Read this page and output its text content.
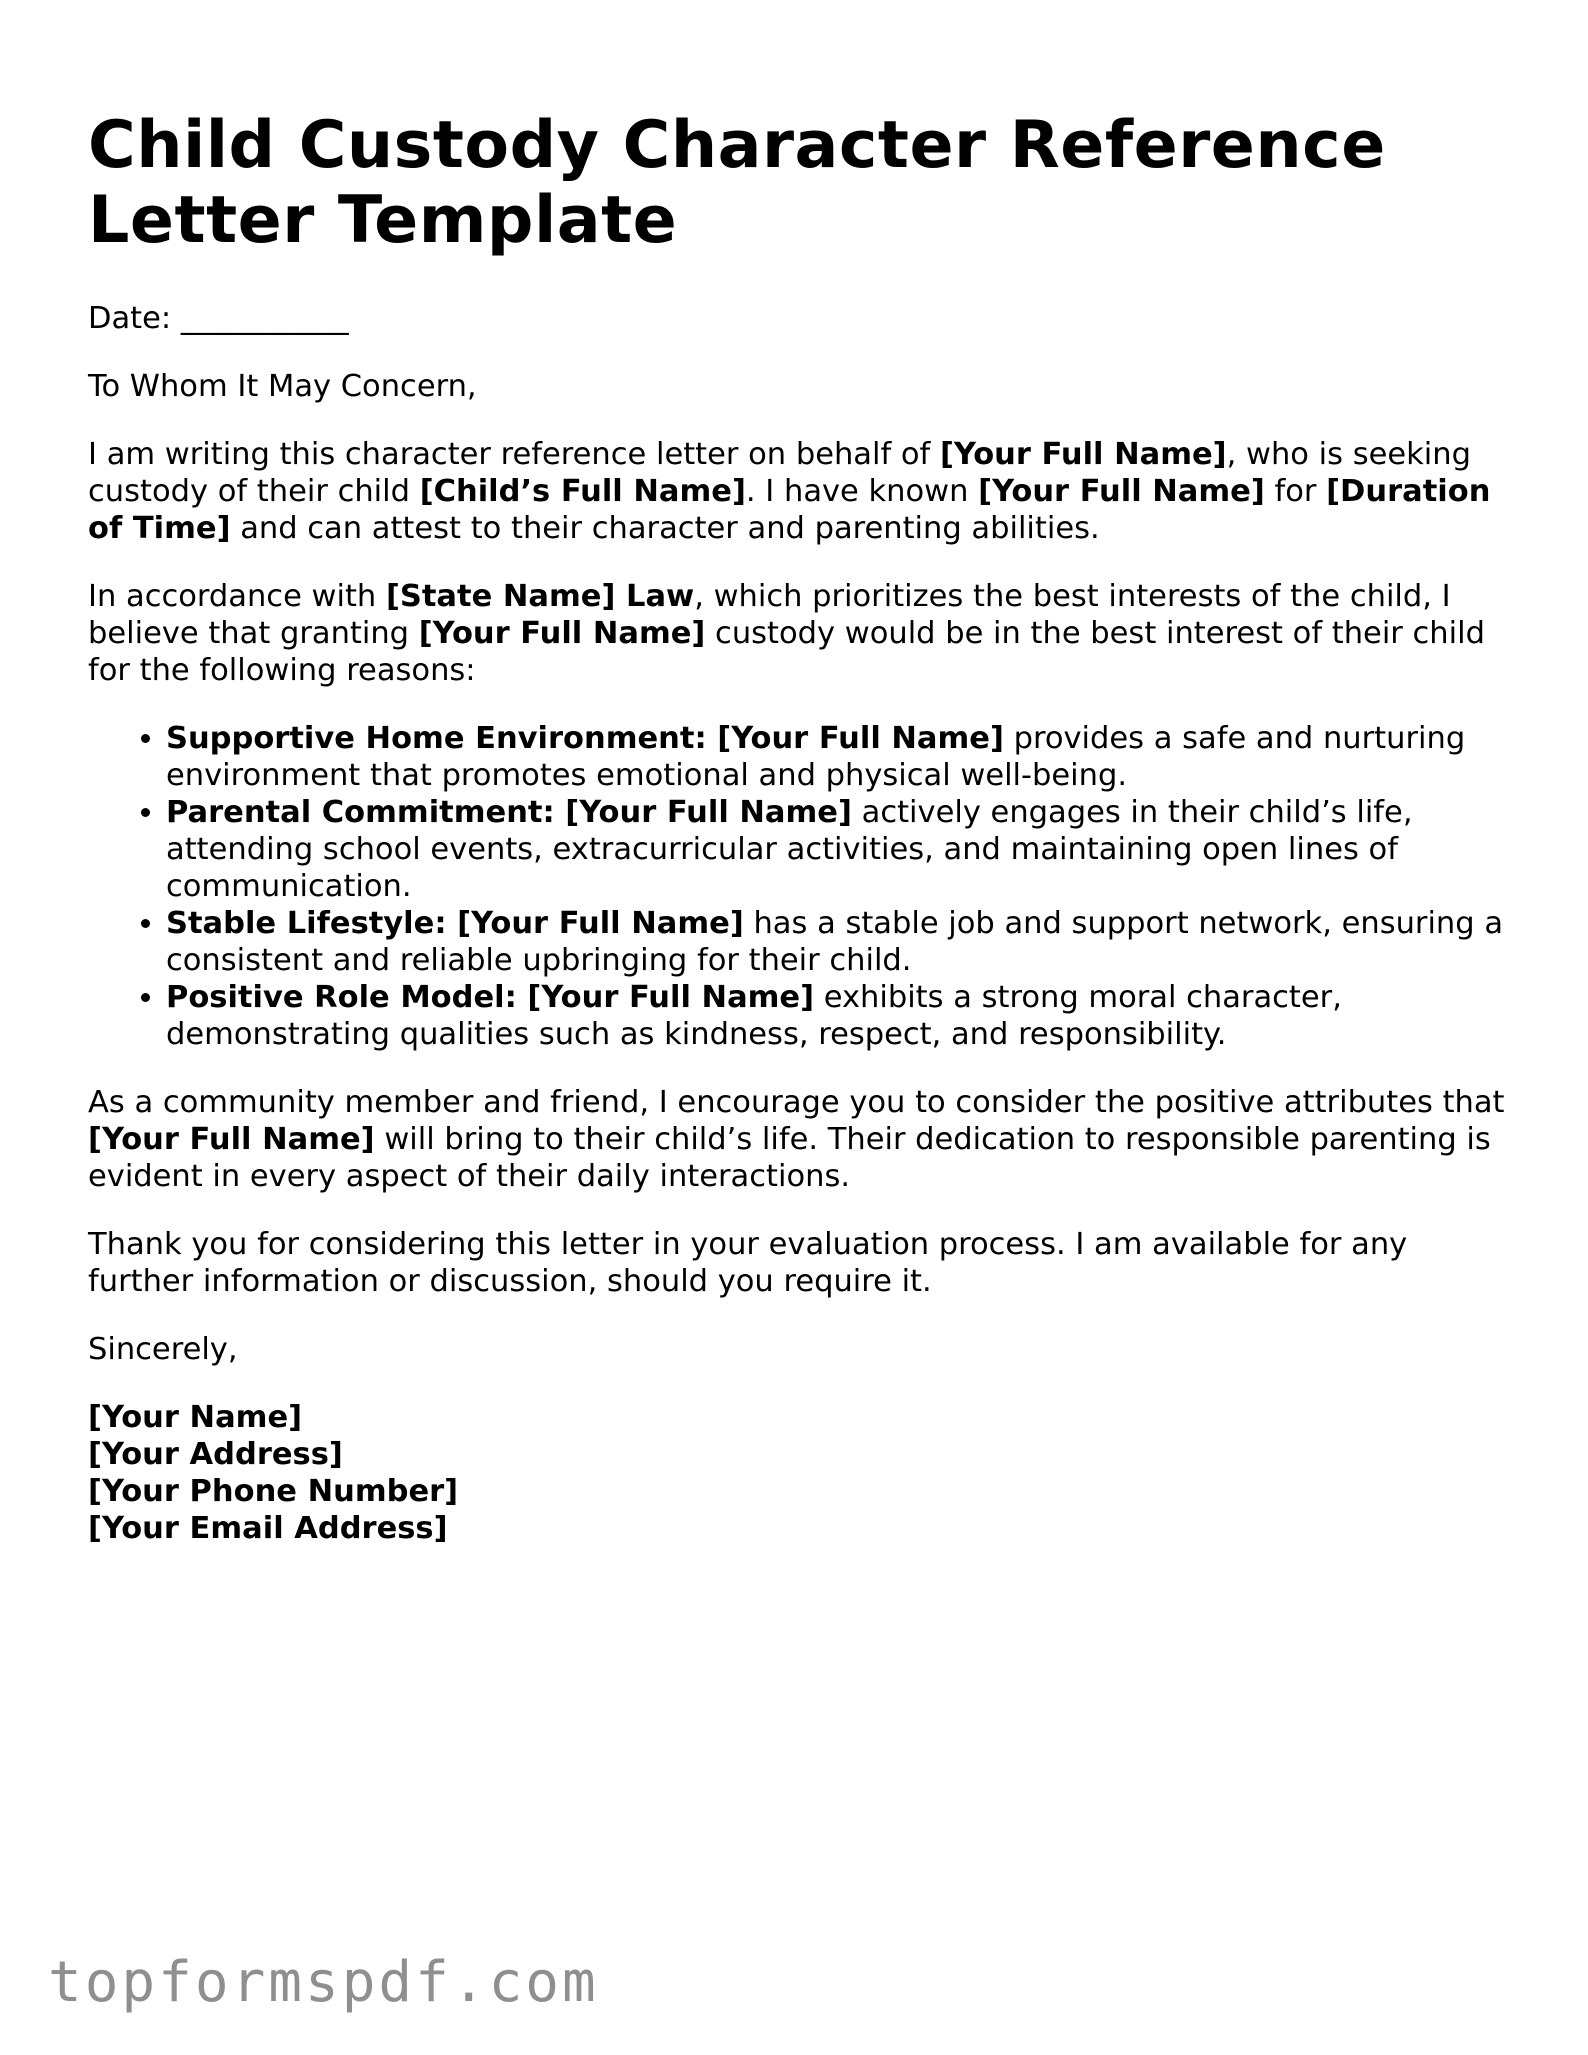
Child Custody Character Reference Letter Template

Date: ___________

To Whom It May Concern,

I am writing this character reference letter on behalf of [Your Full Name], who is seeking custody of their child [Child’s Full Name]. I have known [Your Full Name] for [Duration of Time] and can attest to their character and parenting abilities.

In accordance with [State Name] Law, which prioritizes the best interests of the child, I believe that granting [Your Full Name] custody would be in the best interest of their child for the following reasons:

• Supportive Home Environment: [Your Full Name] provides a safe and nurturing environment that promotes emotional and physical well-being.
• Parental Commitment: [Your Full Name] actively engages in their child’s life, attending school events, extracurricular activities, and maintaining open lines of communication.
• Stable Lifestyle: [Your Full Name] has a stable job and support network, ensuring a consistent and reliable upbringing for their child.
• Positive Role Model: [Your Full Name] exhibits a strong moral character, demonstrating qualities such as kindness, respect, and responsibility.

As a community member and friend, I encourage you to consider the positive attributes that [Your Full Name] will bring to their child’s life. Their dedication to responsible parenting is evident in every aspect of their daily interactions.

Thank you for considering this letter in your evaluation process. I am available for any further information or discussion, should you require it.

Sincerely,

[Your Name]

[Your Address]

[Your Phone Number]

[Your Email Address]

topformspdf.com
